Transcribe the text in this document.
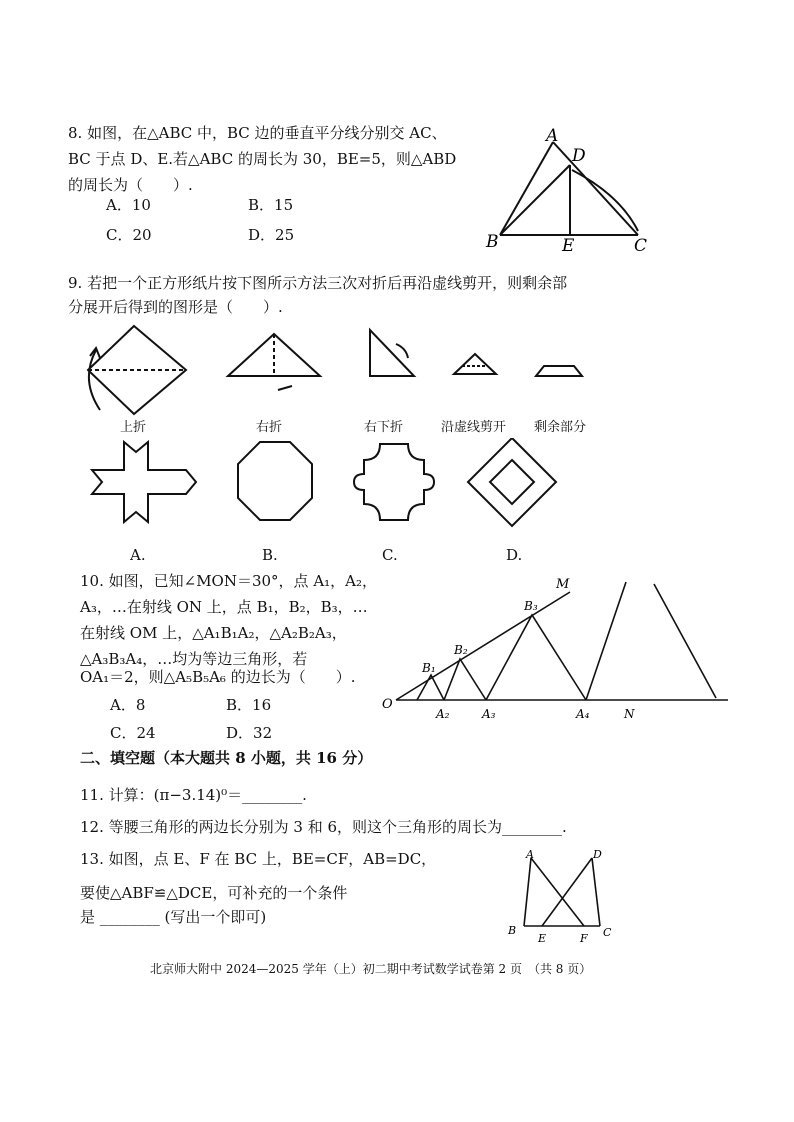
8. 如图，在△ABC 中，BC 边的垂直平分线分别交 AC、
BC 于点 D、E.若△ABC 的周长为 30，BE=5，则△ABD
的周长为（　　）.
A．10	B．15
C．20	D．25
A
D
B	E	C
9. 若把一个正方形纸片按下图所示方法三次对折后再沿虚线剪开，则剩余部
分展开后得到的图形是（　　）.
上折	右折	右下折	沿虚线剪开 剩余部分
A.	B.	C.	D.
10. 如图，已知∠MON＝30°，点 A₁，A₂，
A₃，…在射线 ON 上，点 B₁，B₂，B₃，…
在射线 OM 上，△A₁B₁A₂，△A₂B₂A₃，
△A₃B₃A₄，…均为等边三角形，若
OA₁＝2，则△A₅B₅A₆ 的边长为（　　）.
A．8	B．16
C．24	D．32
M
B₃
B₂
B₁
O
A₂	A₃	A₄	N
二、填空题（本大题共 8 小题，共 16 分）
11. 计算：(π−3.14)⁰＝________.
12. 等腰三角形的两边长分别为 3 和 6，则这个三角形的周长为________.
13. 如图，点 E、F 在 BC 上，BE=CF，AB=DC，
要使△ABF≌△DCE，可补充的一个条件
是 ________ (写出一个即可)
A	D
B
E	F C
北京师大附中 2024—2025 学年（上）初二期中考试数学试卷第 2 页　（共 8 页）
